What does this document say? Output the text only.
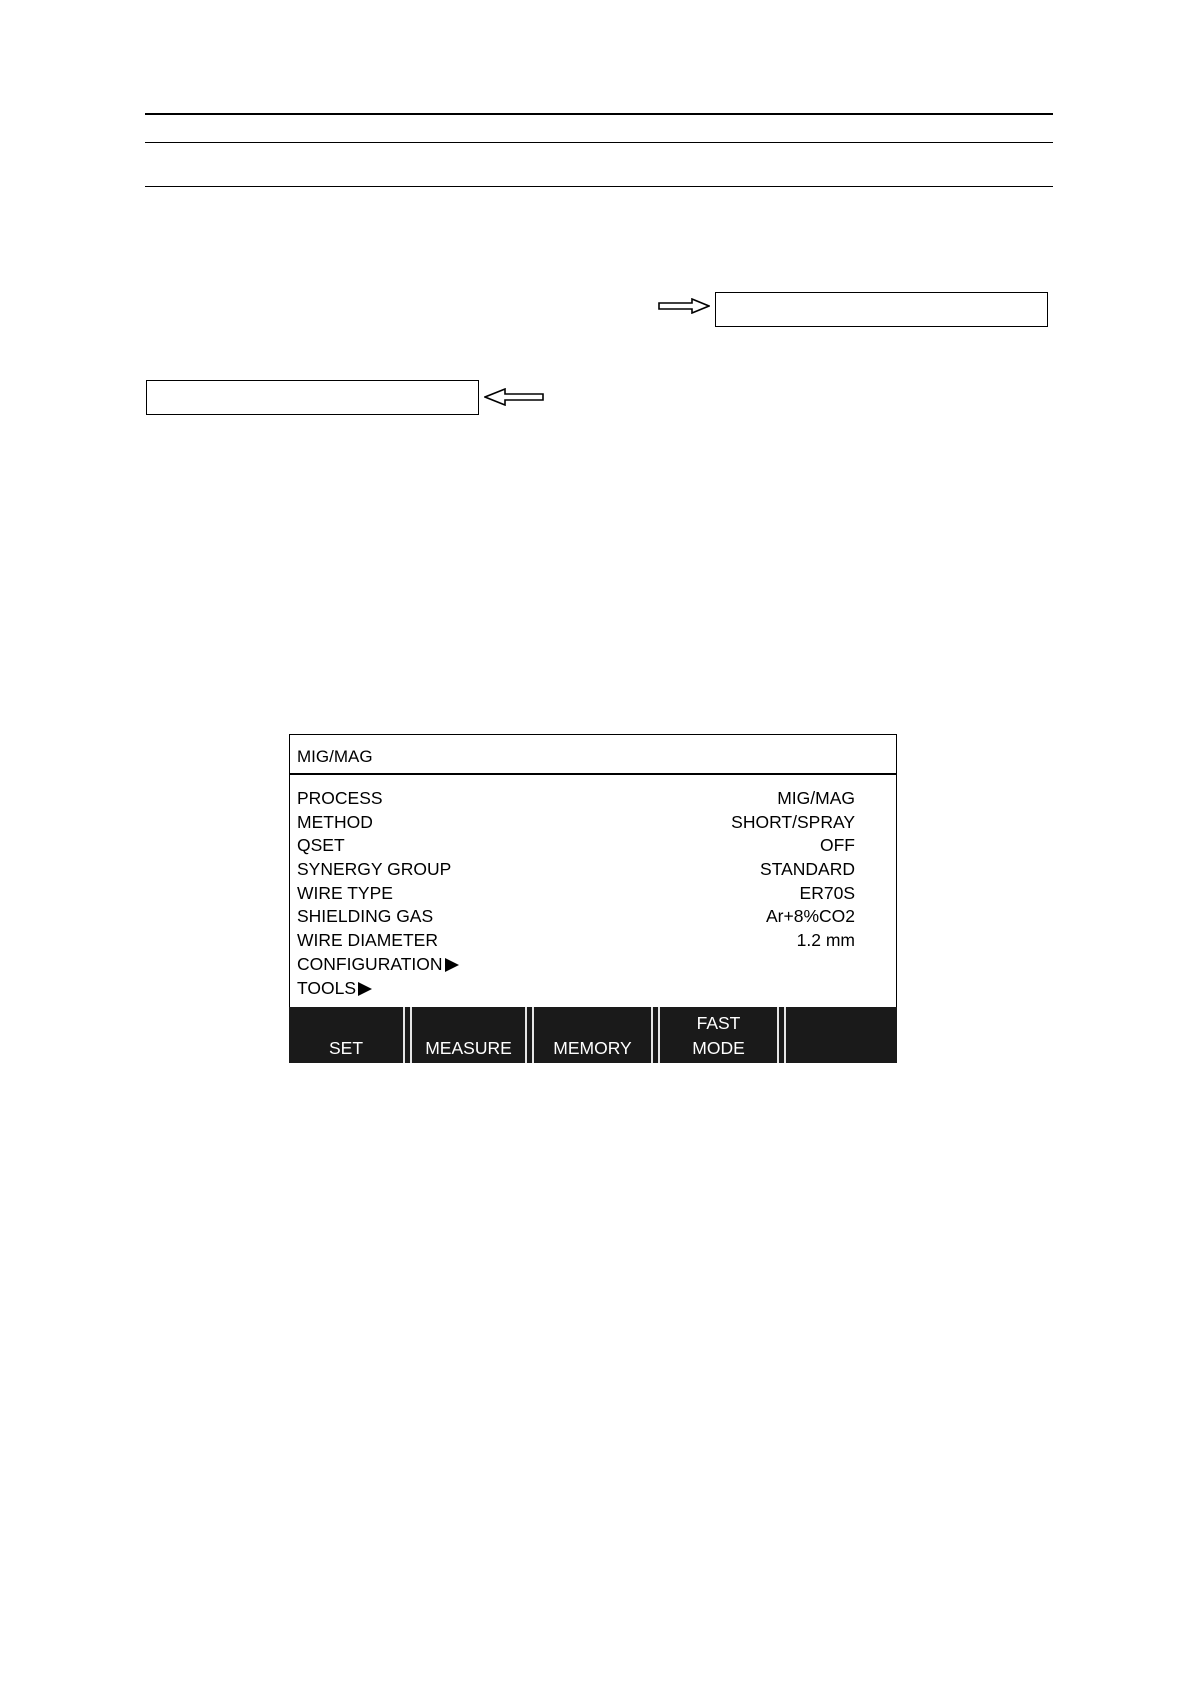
MIG/MAG
PROCESS	MIG/MAG
METHOD	SHORT/SPRAY
QSET	OFF
SYNERGY GROUP	STANDARD
WIRE TYPE	ER70S
SHIELDING GAS	Ar+8%CO2
WIRE DIAMETER	1.2 mm
CONFIGURATION
TOOLS
SET	MEASURE	MEMORY
FAST
MODE
